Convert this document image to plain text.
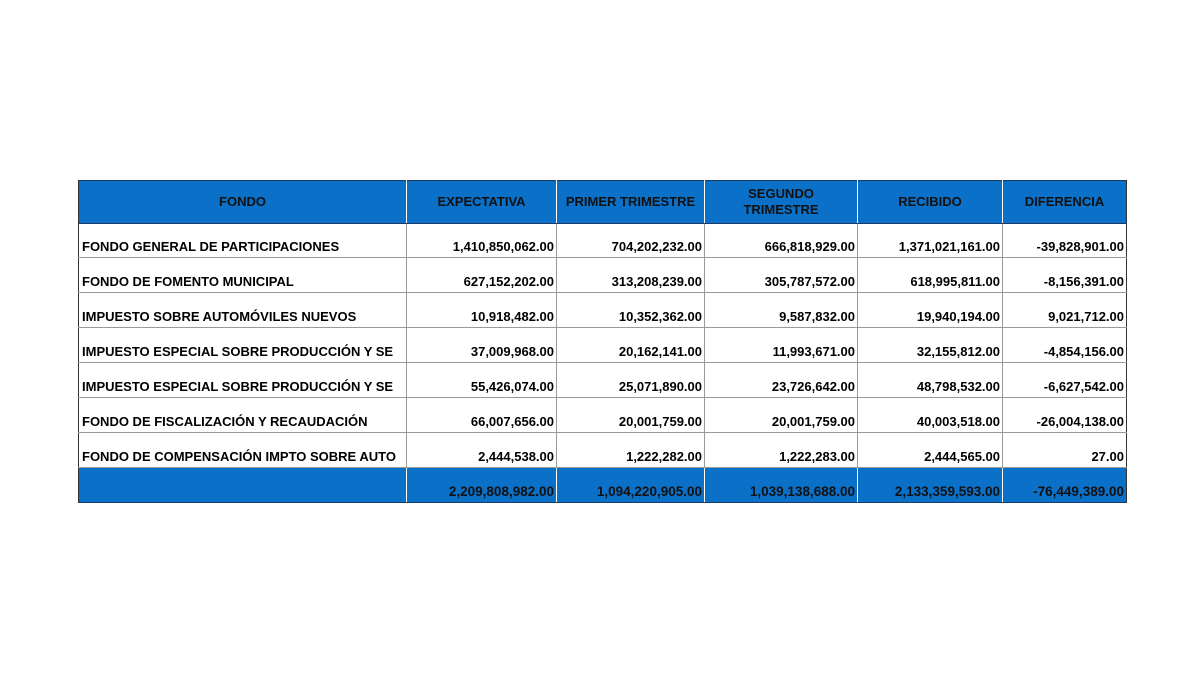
FONDO	EXPECTATIVA	PRIMER TRIMESTRE	SEGUNDO TRIMESTRE	RECIBIDO	DIFERENCIA
FONDO GENERAL DE PARTICIPACIONES	1,410,850,062.00	704,202,232.00	666,818,929.00	1,371,021,161.00	-39,828,901.00
FONDO DE FOMENTO MUNICIPAL	627,152,202.00	313,208,239.00	305,787,572.00	618,995,811.00	-8,156,391.00
IMPUESTO SOBRE AUTOMÓVILES NUEVOS	10,918,482.00	10,352,362.00	9,587,832.00	19,940,194.00	9,021,712.00
IMPUESTO ESPECIAL SOBRE PRODUCCIÓN Y SE	37,009,968.00	20,162,141.00	11,993,671.00	32,155,812.00	-4,854,156.00
IMPUESTO ESPECIAL SOBRE PRODUCCIÓN Y SE	55,426,074.00	25,071,890.00	23,726,642.00	48,798,532.00	-6,627,542.00
FONDO DE FISCALIZACIÓN Y RECAUDACIÓN	66,007,656.00	20,001,759.00	20,001,759.00	40,003,518.00	-26,004,138.00
FONDO DE COMPENSACIÓN IMPTO SOBRE AUTO	2,444,538.00	1,222,282.00	1,222,283.00	2,444,565.00	27.00
	2,209,808,982.00	1,094,220,905.00	1,039,138,688.00	2,133,359,593.00	-76,449,389.00
